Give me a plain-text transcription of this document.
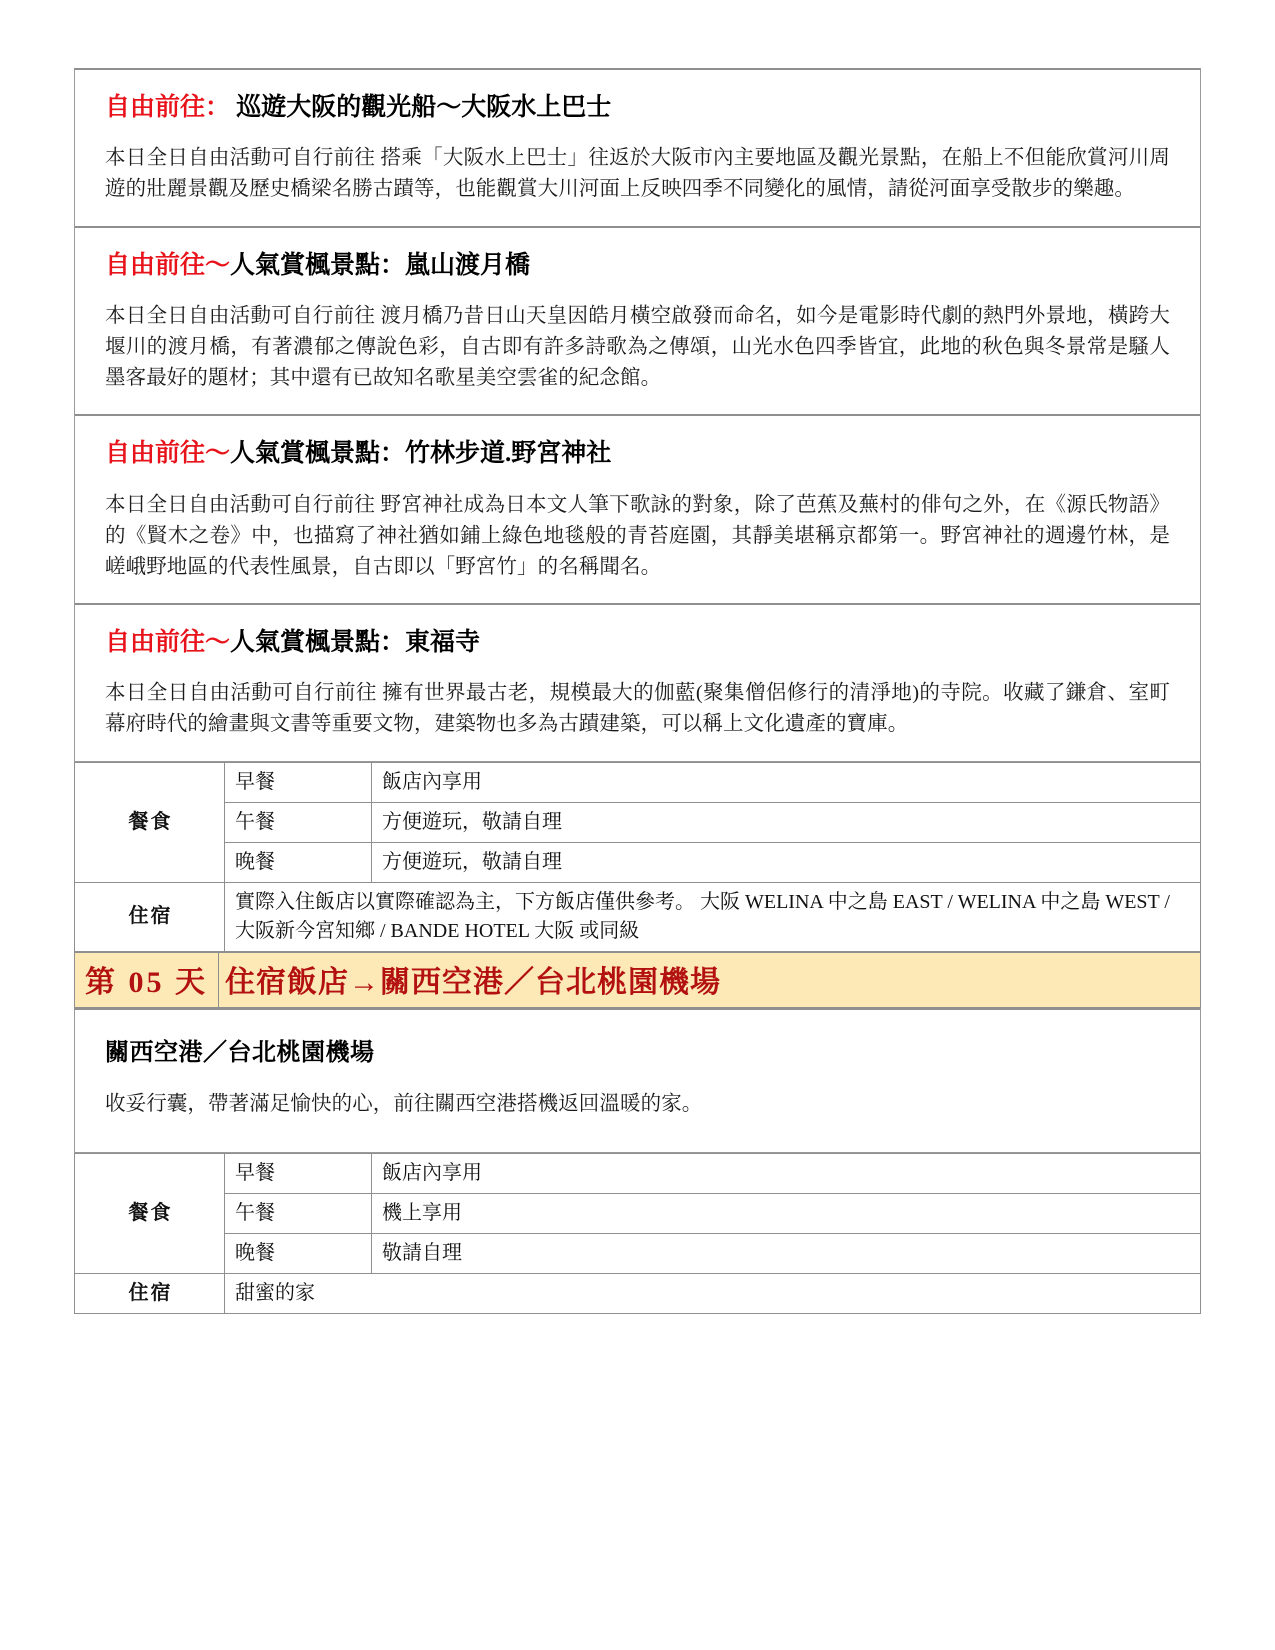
自由前往： 巡遊大阪的觀光船～大阪水上巴士

本日全日自由活動可自行前往 搭乘「大阪水上巴士」往返於大阪市內主要地區及觀光景點，在船上不但能欣賞河川周遊的壯麗景觀及歷史橋梁名勝古蹟等，也能觀賞大川河面上反映四季不同變化的風情，請從河面享受散步的樂趣。

自由前往〜人氣賞楓景點：嵐山渡月橋

本日全日自由活動可自行前往 渡月橋乃昔日山天皇因皓月橫空啟發而命名，如今是電影時代劇的熱門外景地，橫跨大堰川的渡月橋，有著濃郁之傳說色彩，自古即有許多詩歌為之傳頌，山光水色四季皆宜，此地的秋色與冬景常是騷人墨客最好的題材；其中還有已故知名歌星美空雲雀的紀念館。

自由前往〜人氣賞楓景點：竹林步道.野宮神社

本日全日自由活動可自行前往 野宮神社成為日本文人筆下歌詠的對象，除了芭蕉及蕪村的俳句之外，在《源氏物語》的《賢木之卷》中，也描寫了神社猶如鋪上綠色地毯般的青苔庭園，其靜美堪稱京都第一。野宮神社的週邊竹林，是嵯峨野地區的代表性風景，自古即以「野宮竹」的名稱聞名。

自由前往〜人氣賞楓景點：東福寺

本日全日自由活動可自行前往 擁有世界最古老，規模最大的伽藍(聚集僧侶修行的清淨地)的寺院。收藏了鎌倉、室町幕府時代的繪畫與文書等重要文物，建築物也多為古蹟建築，可以稱上文化遺產的寶庫。

餐食	早餐	飯店內享用
	午餐	方便遊玩，敬請自理
	晚餐	方便遊玩，敬請自理
住宿	實際入住飯店以實際確認為主，下方飯店僅供參考。 大阪 WELINA 中之島 EAST / WELINA 中之島 WEST / 大阪新今宮知鄉 / BANDE HOTEL 大阪 或同級	
第 05 天	住宿飯店→關西空港／台北桃園機場
關西空港／台北桃園機場

收妥行囊，帶著滿足愉快的心，前往關西空港搭機返回溫暖的家。

餐食	早餐	飯店內享用
	午餐	機上享用
	晚餐	敬請自理
住宿	甜蜜的家	
